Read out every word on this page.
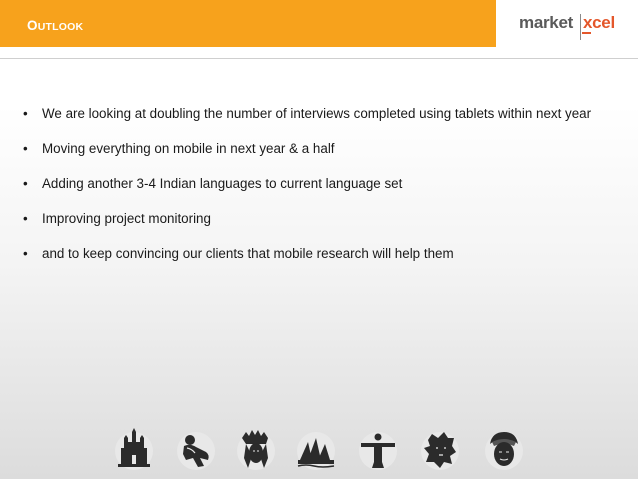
OUTLOOK	market xcel
• We are looking at doubling the number of interviews completed using tablets within next year
• Moving everything on mobile in next year & a half
• Adding another 3-4 Indian languages to current language set
• Improving project monitoring
• and to keep convincing our clients that mobile research will help them
